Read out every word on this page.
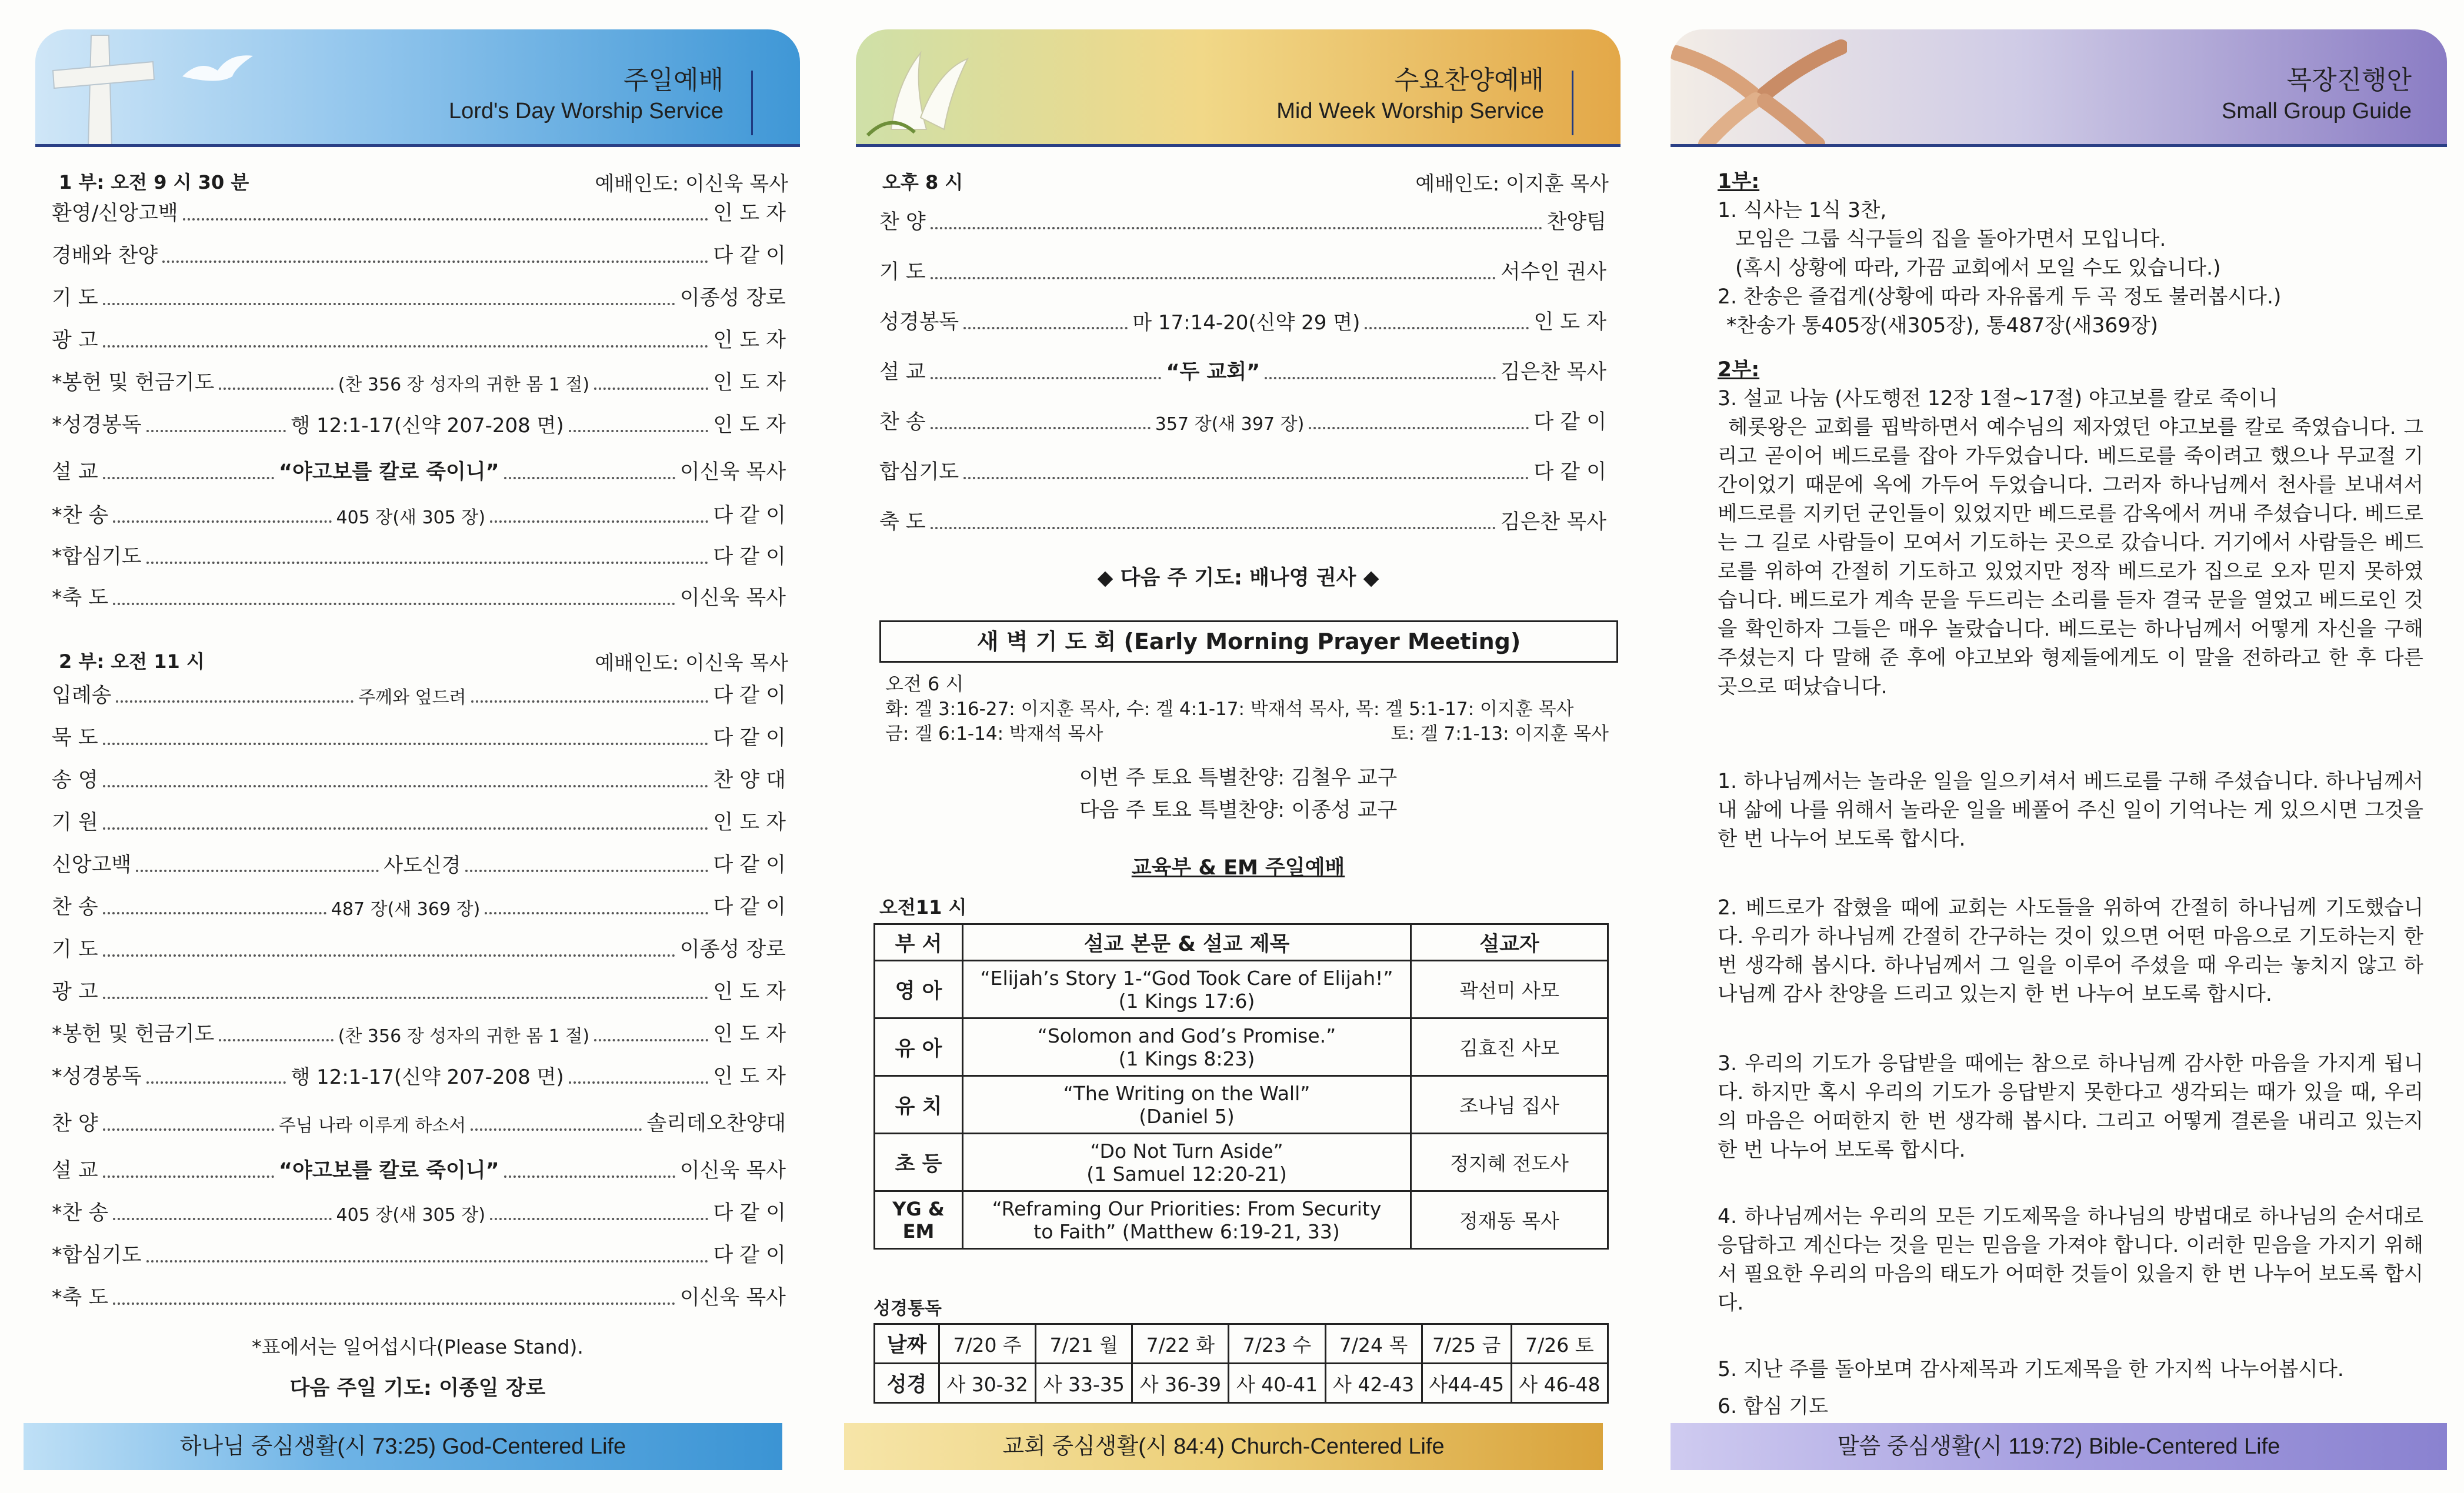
주일예배
Lord's Day Worship Service
1 부: 오전 9 시 30 분	예배인도: 이신욱 목사
환영/신앙고백	인 도 자
경배와 찬양	다 같 이
기 도	이종성 장로
광 고	인 도 자
*봉헌 및 헌금기도	(찬 356 장 성자의 귀한 몸 1 절)	인 도 자
*성경봉독	행 12:1-17(신약 207-208 면)	인 도 자
설 교	“야고보를 칼로 죽이니”	이신욱 목사
*찬 송	405 장(새 305 장)	다 같 이
*합심기도	다 같 이
*축 도	이신욱 목사
2 부: 오전 11 시	예배인도: 이신욱 목사
입례송	주께와 엎드려	다 같 이
묵 도	다 같 이
송 영	찬 양 대
기 원	인 도 자
신앙고백	사도신경	다 같 이
찬 송	487 장(새 369 장)	다 같 이
기 도	이종성 장로
광 고	인 도 자
*봉헌 및 헌금기도	(찬 356 장 성자의 귀한 몸 1 절)	인 도 자
*성경봉독	행 12:1-17(신약 207-208 면)	인 도 자
찬 양	주님 나라 이루게 하소서	솔리데오찬양대
설 교	“야고보를 칼로 죽이니”	이신욱 목사
*찬 송	405 장(새 305 장)	다 같 이
*합심기도	다 같 이
*축 도	이신욱 목사
*표에서는 일어섭시다(Please Stand).
다음 주일 기도: 이종일 장로
하나님 중심생활(시 73:25) God-Centered Life
수요찬양예배
Mid Week Worship Service
오후 8 시	예배인도: 이지훈 목사
찬 양	찬양팀
기 도	서수인 권사
성경봉독	마 17:14-20(신약 29 면)	인 도 자
설 교	“두 교회”	김은찬 목사
찬 송	357 장(새 397 장)	다 같 이
합심기도	다 같 이
축 도	김은찬 목사
◆ 다음 주 기도: 배나영 권사 ◆
새 벽 기 도 회 (Early Morning Prayer Meeting)
오전 6 시
화: 겔 3:16-27: 이지훈 목사, 수: 겔 4:1-17: 박재석 목사, 목: 겔 5:1-17: 이지훈 목사
금: 겔 6:1-14: 박재석 목사	토: 겔 7:1-13: 이지훈 목사
이번 주 토요 특별찬양: 김철우 교구
다음 주 토요 특별찬양: 이종성 교구
교육부 & EM 주일예배
오전11 시
부 서	설교 본문 & 설교 제목	설교자
영 아	“Elijah’s Story 1-“God Took Care of Elijah!”
(1 Kings 17:6)	곽선미 사모
유 아	“Solomon and God’s Promise.”
(1 Kings 8:23)	김효진 사모
유 치	“The Writing on the Wall”
(Daniel 5)	조나님 집사
초 등	“Do Not Turn Aside”
(1 Samuel 12:20-21)	정지혜 전도사
YG & EM	“Reframing Our Priorities: From Security
to Faith” (Matthew 6:19-21, 33)	정재동 목사
성경통독
날짜	7/20 주	7/21 월	7/22 화	7/23 수	7/24 목	7/25 금	7/26 토
성경	사 30-32	사 33-35	사 36-39	사 40-41	사 42-43	사44-45	사 46-48
교회 중심생활(시 84:4) Church-Centered Life
목장진행안
Small Group Guide
1부:
1. 식사는 1식 3찬,
모임은 그룹 식구들의 집을 돌아가면서 모입니다.
(혹시 상황에 따라, 가끔 교회에서 모일 수도 있습니다.)
2. 찬송은 즐겁게(상황에 따라 자유롭게 두 곡 정도 불러봅시다.)
*찬송가 통405장(새305장), 통487장(새369장)
2부:
3. 설교 나눔 (사도행전 12장 1절~17절) 야고보를 칼로 죽이니
헤롯왕은 교회를 핍박하면서 예수님의 제자였던 야고보를 칼로 죽였습니다. 그리고 곧이어 베드로를 잡아 가두었습니다. 베드로를 죽이려고 했으나 무교절 기간이었기 때문에 옥에 가두어 두었습니다. 그러자 하나님께서 천사를 보내셔서 베드로를 지키던 군인들이 있었지만 베드로를 감옥에서 꺼내 주셨습니다. 베드로는 그 길로 사람들이 모여서 기도하는 곳으로 갔습니다. 거기에서 사람들은 베드로를 위하여 간절히 기도하고 있었지만 정작 베드로가 집으로 오자 믿지 못하였습니다. 베드로가 계속 문을 두드리는 소리를 듣자 결국 문을 열었고 베드로인 것을 확인하자 그들은 매우 놀랐습니다. 베드로는 하나님께서 어떻게 자신을 구해 주셨는지 다 말해 준 후에 야고보와 형제들에게도 이 말을 전하라고 한 후 다른 곳으로 떠났습니다.
1. 하나님께서는 놀라운 일을 일으키셔서 베드로를 구해 주셨습니다. 하나님께서 내 삶에 나를 위해서 놀라운 일을 베풀어 주신 일이 기억나는 게 있으시면 그것을 한 번 나누어 보도록 합시다.
2. 베드로가 잡혔을 때에 교회는 사도들을 위하여 간절히 하나님께 기도했습니다. 우리가 하나님께 간절히 간구하는 것이 있으면 어떤 마음으로 기도하는지 한 번 생각해 봅시다. 하나님께서 그 일을 이루어 주셨을 때 우리는 놓치지 않고 하나님께 감사 찬양을 드리고 있는지 한 번 나누어 보도록 합시다.
3. 우리의 기도가 응답받을 때에는 참으로 하나님께 감사한 마음을 가지게 됩니다. 하지만 혹시 우리의 기도가 응답받지 못한다고 생각되는 때가 있을 때, 우리의 마음은 어떠한지 한 번 생각해 봅시다. 그리고 어떻게 결론을 내리고 있는지 한 번 나누어 보도록 합시다.
4. 하나님께서는 우리의 모든 기도제목을 하나님의 방법대로 하나님의 순서대로 응답하고 계신다는 것을 믿는 믿음을 가져야 합니다. 이러한 믿음을 가지기 위해서 필요한 우리의 마음의 태도가 어떠한 것들이 있을지 한 번 나누어 보도록 합시다.
5. 지난 주를 돌아보며 감사제목과 기도제목을 한 가지씩 나누어봅시다.
6. 합심 기도
말씀 중심생활(시 119:72) Bible-Centered Life
